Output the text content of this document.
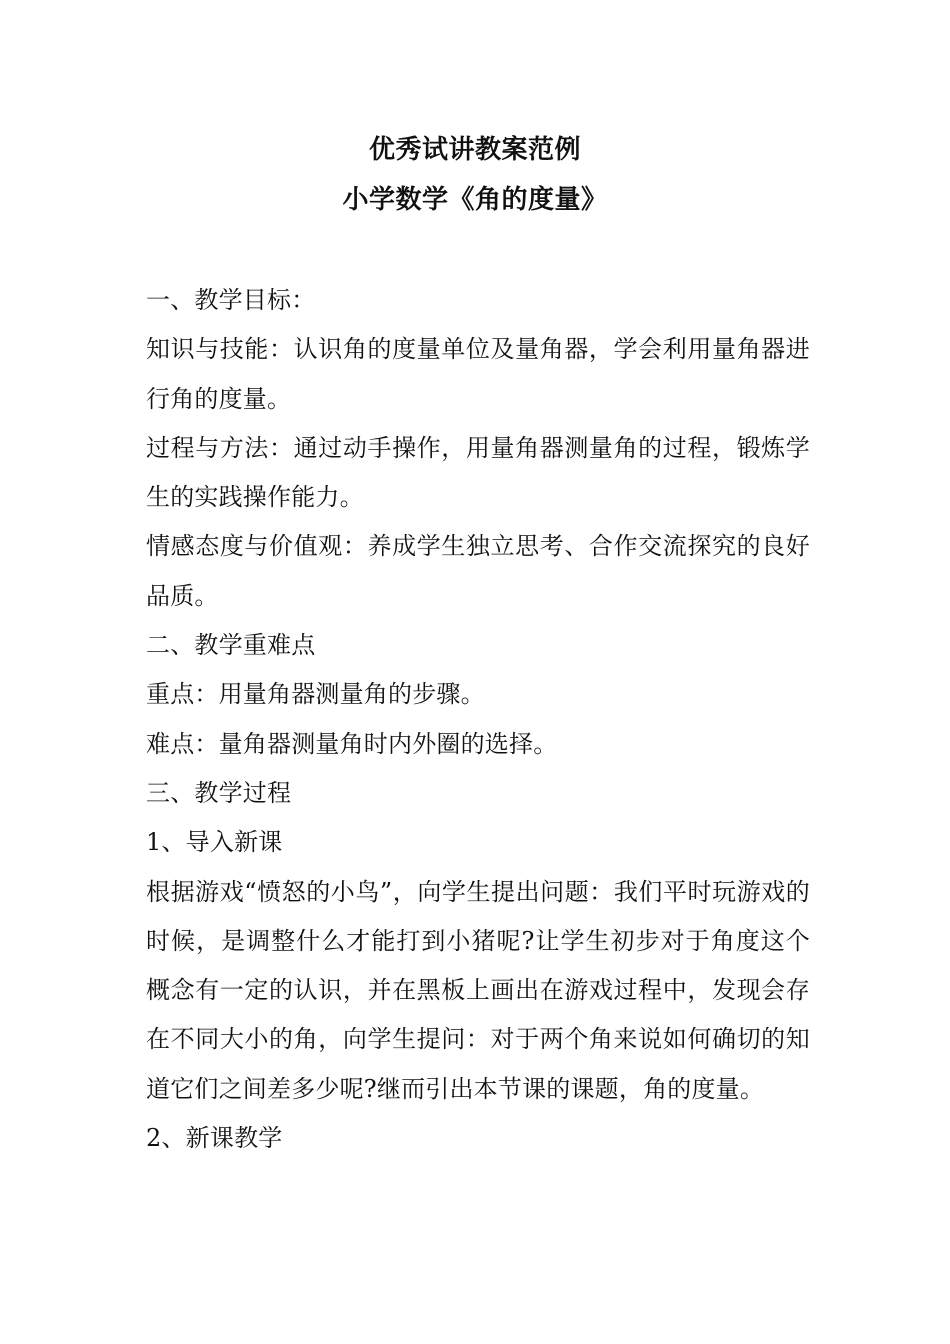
优秀试讲教案范例
小学数学《角的度量》

一、教学目标：

知识与技能：认识角的度量单位及量角器，学会利用量角器进行角的度量。

过程与方法：通过动手操作，用量角器测量角的过程，锻炼学生的实践操作能力。

情感态度与价值观：养成学生独立思考、合作交流探究的良好品质。

二、教学重难点

重点：用量角器测量角的步骤。

难点：量角器测量角时内外圈的选择。

三、教学过程

1、导入新课

根据游戏“愤怒的小鸟”，向学生提出问题：我们平时玩游戏的时候，是调整什么才能打到小猪呢?让学生初步对于角度这个概念有一定的认识，并在黑板上画出在游戏过程中，发现会存在不同大小的角，向学生提问：对于两个角来说如何确切的知道它们之间差多少呢?继而引出本节课的课题，角的度量。

2、新课教学
